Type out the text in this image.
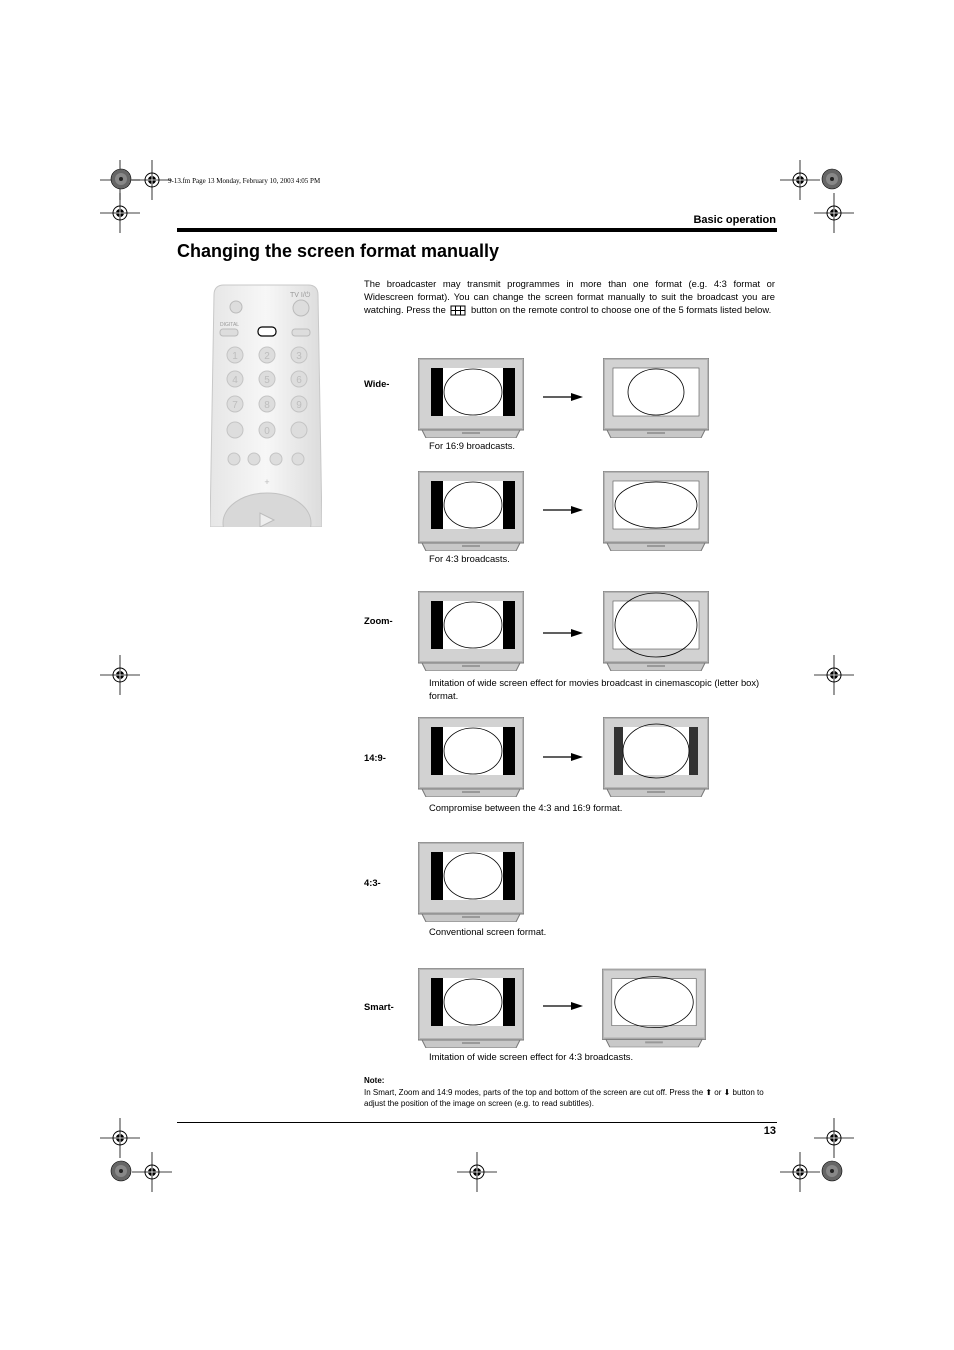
9-13.fm Page 13 Monday, February 10, 2003 4:05 PM
Basic operation
Changing the screen format manually
The broadcaster may transmit programmes in more than one format (e.g. 4:3 format or Widescreen format). You can change the screen format manually to suit the broadcast you are watching. Press the	button on the remote control to choose one of the 5 formats listed below.
TV I/⏻
DIGITAL
1	2	3
4	5	6
7	8	9
0
+
Wide-
For 16:9 broadcasts.
For 4:3 broadcasts.
Zoom-
Imitation of wide screen effect for movies broadcast in cinemascopic (letter box) format.
14:9-
Compromise between the 4:3 and 16:9 format.
4:3-
Conventional screen format.
Smart-
Imitation of wide screen effect for 4:3 broadcasts.
Note:
In Smart, Zoom and 14:9 modes, parts of the top and bottom of the screen are cut off. Press the ⬆ or ⬇ button to adjust the position of the image on screen (e.g. to read subtitles).
13
